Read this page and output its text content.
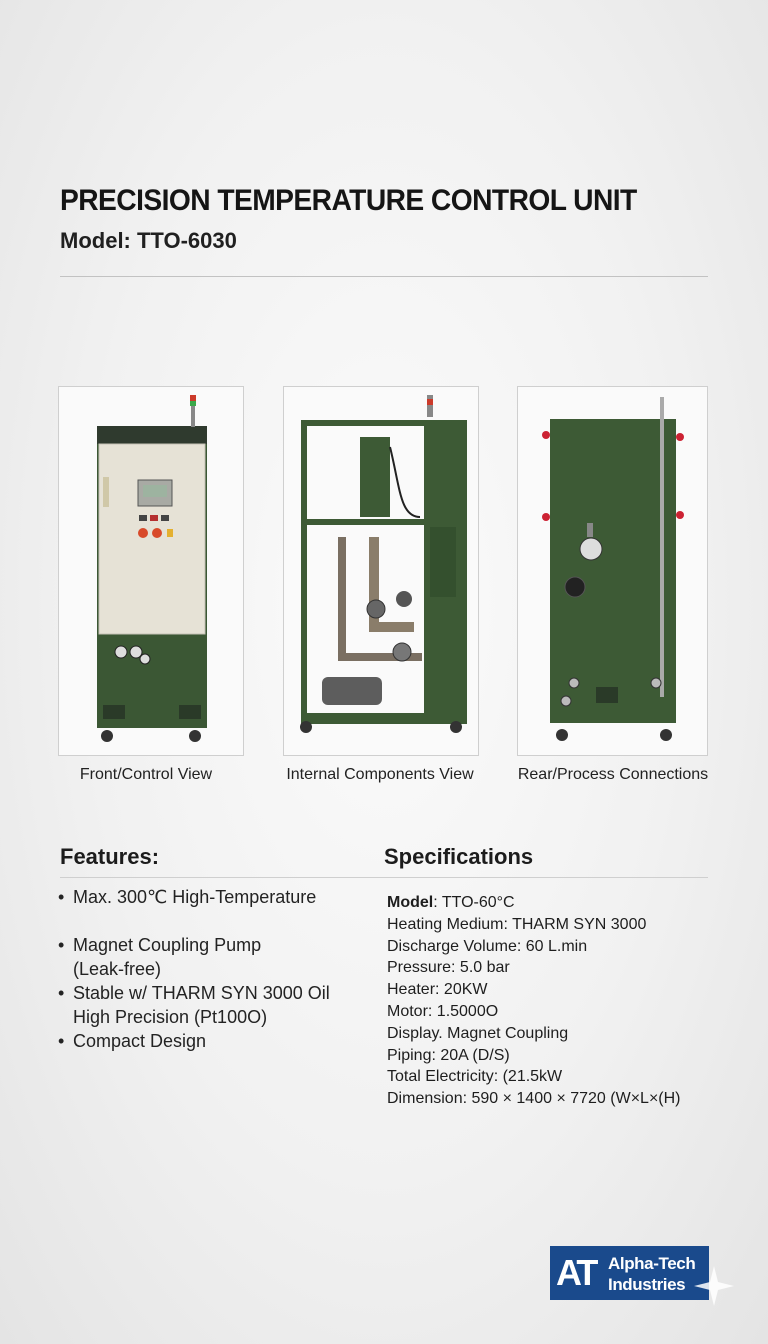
PRECISION TEMPERATURE CONTROL UNIT
Model: TTO-6030
Front/Control View	Internal Components View	Rear/Process Connections
Features:	Specifications
• Max. 300℃ High-Temperature
• Magnet Coupling Pump
(Leak-free)
• Stable w/ THARM SYN 3000 Oil
High Precision (Pt100O)
• Compact Design
Model: TTO-60°C
Heating Medium: THARM SYN 3000
Discharge Volume: 60 L.min
Pressure: 5.0 bar
Heater: 20KW
Motor: 1.5000O
Display. Magnet Coupling
Piping: 20A (D/S)
Total Electricity: (21.5kW
Dimension: 590 × 1400 × 7720 (W×L×(H)
AT Alpha-Tech
Industries
